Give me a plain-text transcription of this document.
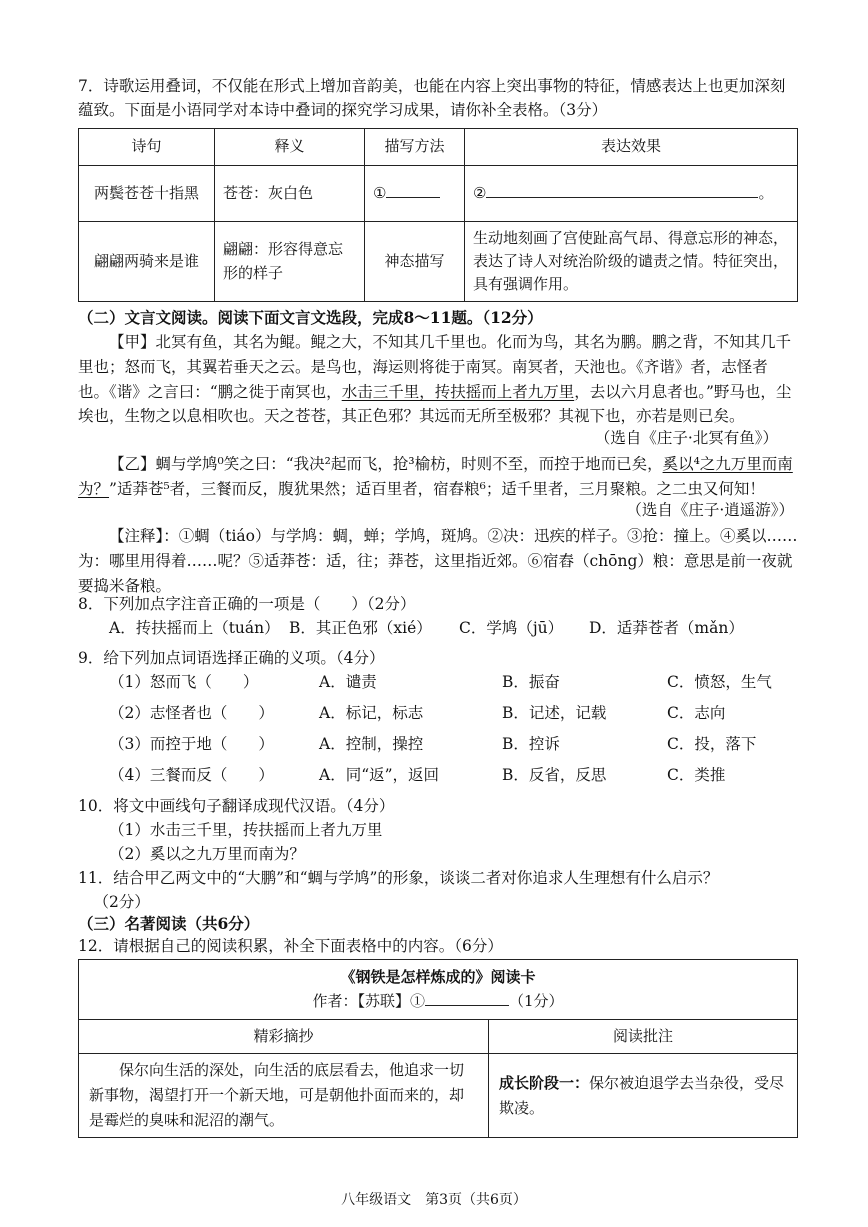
7．诗歌运用叠词，不仅能在形式上增加音韵美，也能在内容上突出事物的特征，情感表达上也更加深刻蕴致。下面是小语同学对本诗中叠词的探究学习成果，请你补全表格。（3分）
诗句	释义	描写方法	表达效果
两鬓苍苍十指黑	苍苍：灰白色	①	② 。
翩翩两骑来是谁	翩翩：形容得意忘形的样子	神态描写	生动地刻画了宫使趾高气昂、得意忘形的神态，表达了诗人对统治阶级的谴责之情。特征突出，具有强调作用。
（二）文言文阅读。阅读下面文言文选段，完成8～11题。（12分）
【甲】北冥有鱼，其名为鲲。鲲之大，不知其几千里也。化而为鸟，其名为鹏。鹏之背，不知其几千里也；怒而飞，其翼若垂天之云。是鸟也，海运则将徙于南冥。南冥者，天池也。《齐谐》者，志怪者也。《谐》之言曰：“鹏之徙于南冥也，水击三千里，抟扶摇而上者九万里，去以六月息者也。”野马也，尘埃也，生物之以息相吹也。天之苍苍，其正色邪？其远而无所至极邪？其视下也，亦若是则已矣。
（选自《庄子·北冥有鱼》）
【乙】蜩与学鸠⁰笑之曰：“我决²起而飞，抢³榆枋，时则不至，而控于地而已矣，奚以⁴之九万里而南为？”适莽苍⁵者，三餐而反，腹犹果然；适百里者，宿舂粮⁶；适千里者，三月聚粮。之二虫又何知！
（选自《庄子·逍遥游》）
【注释】：①蜩（tiáo）与学鸠：蜩，蝉；学鸠，斑鸠。②决：迅疾的样子。③抢：撞上。④奚以……为：哪里用得着……呢？⑤适莽苍：适，往；莽苍，这里指近郊。⑥宿舂（chōng）粮：意思是前一夜就要捣米备粮。
8．下列加点字注音正确的一项是（　　）（2分）
A．抟扶摇而上（tuán） B．其正色邪（xié） C．学鸠（jū） D．适莽苍者（mǎn）
9．给下列加点词语选择正确的义项。（4分）
（1）怒而飞（　　）	A．谴责	B．振奋	C．愤怒，生气
（2）志怪者也（　　）	A．标记，标志	B．记述，记载	C．志向
（3）而控于地（　　）	A．控制，操控	B．控诉	C．投，落下
（4）三餐而反（　　）	A．同“返”，返回	B．反省，反思	C．类推
10．将文中画线句子翻译成现代汉语。（4分）
（1）水击三千里，抟扶摇而上者九万里
（2）奚以之九万里而南为？
11．结合甲乙两文中的“大鹏”和“蜩与学鸠”的形象，谈谈二者对你追求人生理想有什么启示？
（2分）
（三）名著阅读（共6分）
12．请根据自己的阅读积累，补全下面表格中的内容。（6分）
《钢铁是怎样炼成的》阅读卡
作者：【苏联】① （1分）	

精彩摘抄	阅读批注
保尔向生活的深处，向生活的底层看去，他追求一切新事物，渴望打开一个新天地，可是朝他扑面而来的，却是霉烂的臭味和泥沼的潮气。	成长阶段一：保尔被迫退学去当杂役，受尽欺凌。
八年级语文　第3页（共6页）
